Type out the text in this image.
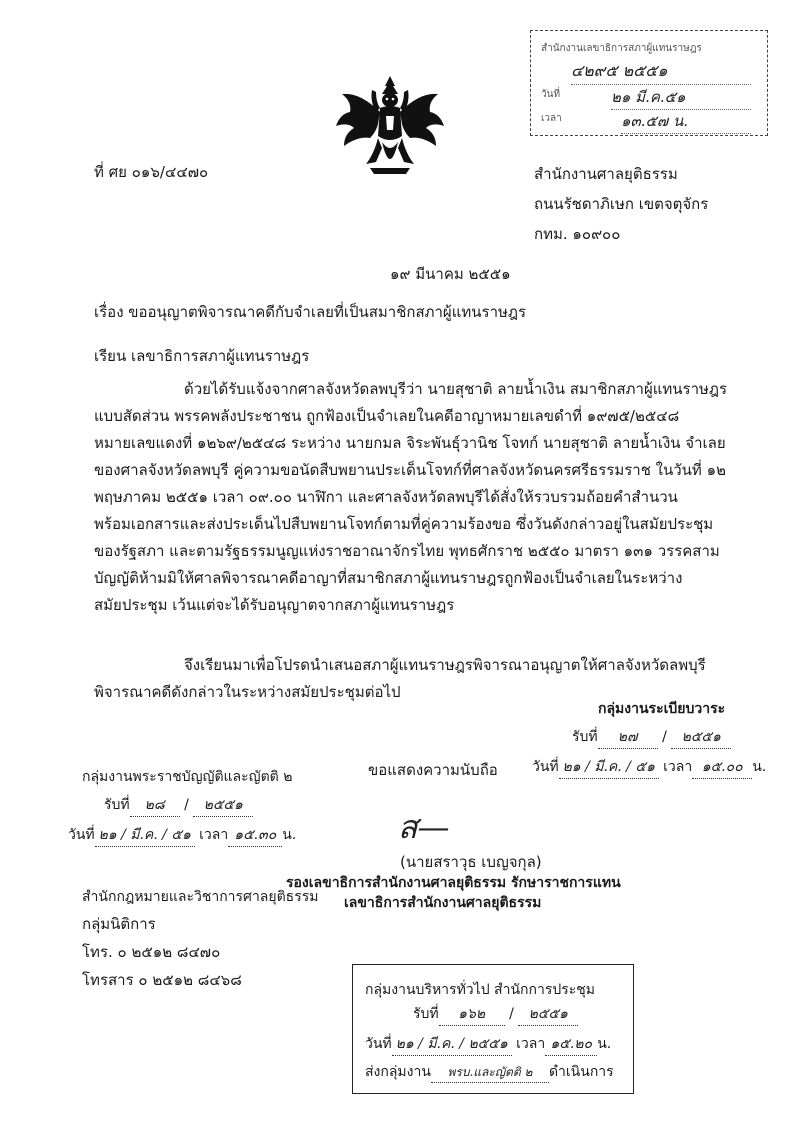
สำนักงานเลขาธิการสภาผู้แทนราษฎร
๔๒๙๕ ๒๕๕๑
วันที่	๒๑ มี.ค.๕๑
เวลา	๑๓.๕๗ น.
ที่ ศย ๐๑๖/๔๔๗๐	สำนักงานศาลยุติธรรม
ถนนรัชดาภิเษก เขตจตุจักร
กทม. ๑๐๙๐๐
๑๙ มีนาคม ๒๕๕๑
เรื่อง ขออนุญาตพิจารณาคดีกับจำเลยที่เป็นสมาชิกสภาผู้แทนราษฎร
เรียน เลขาธิการสภาผู้แทนราษฎร
ด้วยได้รับแจ้งจากศาลจังหวัดลพบุรีว่า นายสุชาติ ลายน้ำเงิน สมาชิกสภาผู้แทนราษฎร
แบบสัดส่วน พรรคพลังประชาชน ถูกฟ้องเป็นจำเลยในคดีอาญาหมายเลขดำที่ ๑๙๗๕/๒๕๔๘
หมายเลขแดงที่ ๑๒๖๙/๒๕๔๘ ระหว่าง นายกมล จิระพันธุ์วานิช โจทก์ นายสุชาติ ลายน้ำเงิน จำเลย
ของศาลจังหวัดลพบุรี คู่ความขอนัดสืบพยานประเด็นโจทก์ที่ศาลจังหวัดนครศรีธรรมราช ในวันที่ ๑๒
พฤษภาคม ๒๕๕๑ เวลา ๐๙.๐๐ นาฬิกา และศาลจังหวัดลพบุรีได้สั่งให้รวบรวมถ้อยคำสำนวน
พร้อมเอกสารและส่งประเด็นไปสืบพยานโจทก์ตามที่คู่ความร้องขอ ซึ่งวันดังกล่าวอยู่ในสมัยประชุม
ของรัฐสภา และตามรัฐธรรมนูญแห่งราชอาณาจักรไทย พุทธศักราช ๒๕๕๐ มาตรา ๑๓๑ วรรคสาม
บัญญัติห้ามมิให้ศาลพิจารณาคดีอาญาที่สมาชิกสภาผู้แทนราษฎรถูกฟ้องเป็นจำเลยในระหว่าง
สมัยประชุม เว้นแต่จะได้รับอนุญาตจากสภาผู้แทนราษฎร
จึงเรียนมาเพื่อโปรดนำเสนอสภาผู้แทนราษฎรพิจารณาอนุญาตให้ศาลจังหวัดลพบุรี
พิจารณาคดีดังกล่าวในระหว่างสมัยประชุมต่อไป
กลุ่มงานระเบียบวาระ
รับที่ ๒๗ / ๒๕๕๑
วันที่ ๒๑ / มี.ค. / ๕๑ เวลา ๑๕.๐๐ น.
ขอแสดงความนับถือ
กลุ่มงานพระราชบัญญัติและญัตติ ๒
รับที่ ๒๘ / ๒๕๕๑
วันที่ ๒๑ / มี.ค. / ๕๑ เวลา ๑๕.๓๐ น.	ส—
(นายสราวุธ เบญจกุล)
รองเลขาธิการสำนักงานศาลยุติธรรม รักษาราชการแทน
เลขาธิการสำนักงานศาลยุติธรรม
สำนักกฎหมายและวิชาการศาลยุติธรรม
กลุ่มนิติการ
โทร. ๐ ๒๕๑๒ ๘๔๗๐
โทรสาร ๐ ๒๕๑๒ ๘๔๖๘
กลุ่มงานบริหารทั่วไป สำนักการประชุม
รับที่ ๑๖๒ / ๒๕๕๑
วันที่ ๒๑ / มี.ค. / ๒๕๕๑ เวลา ๑๕.๒๐ น.
ส่งกลุ่มงาน พรบ.และญัตติ ๒ ดำเนินการ
